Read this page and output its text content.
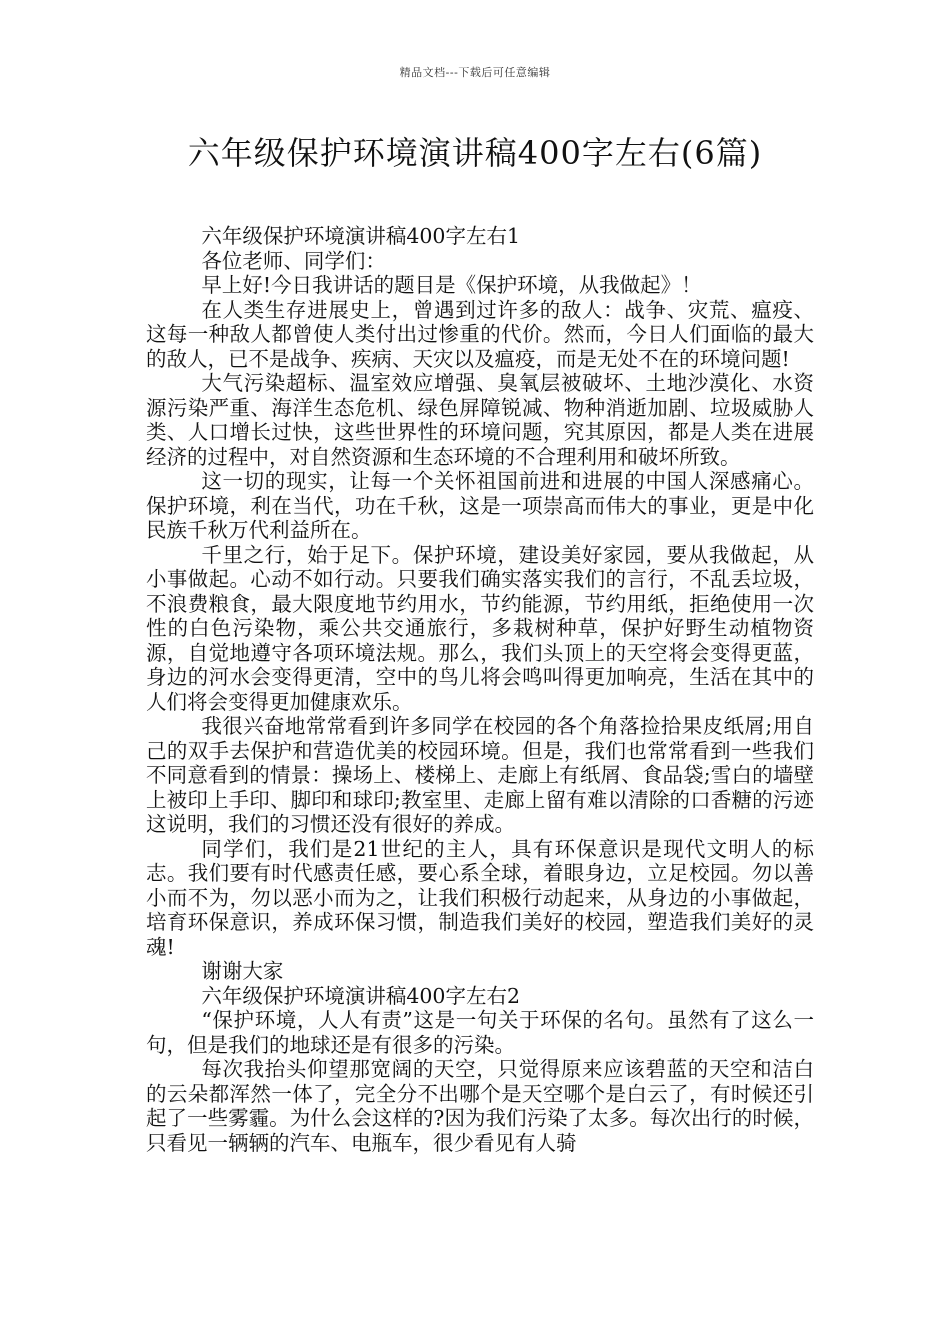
精品文档---下载后可任意编辑
六年级保护环境演讲稿400字左右(6篇)

六年级保护环境演讲稿400字左右1

各位老师、同学们：

早上好!今日我讲话的题目是《保护环境，从我做起》！

在人类生存进展史上，曾遇到过许多的敌人：战争、灾荒、瘟疫、这每一种敌人都曾使人类付出过惨重的代价。然而，今日人们面临的最大的敌人，已不是战争、疾病、天灾以及瘟疫，而是无处不在的环境问题!

大气污染超标、温室效应增强、臭氧层被破坏、土地沙漠化、水资源污染严重、海洋生态危机、绿色屏障锐减、物种消逝加剧、垃圾威胁人类、人口增长过快，这些世界性的环境问题，究其原因，都是人类在进展经济的过程中，对自然资源和生态环境的不合理利用和破坏所致。

这一切的现实，让每一个关怀祖国前进和进展的中国人深感痛心。保护环境，利在当代，功在千秋，这是一项崇高而伟大的事业，更是中化民族千秋万代利益所在。

千里之行，始于足下。保护环境，建设美好家园，要从我做起，从小事做起。心动不如行动。只要我们确实落实我们的言行，不乱丢垃圾，不浪费粮食，最大限度地节约用水，节约能源，节约用纸，拒绝使用一次性的白色污染物，乘公共交通旅行，多栽树种草，保护好野生动植物资源，自觉地遵守各项环境法规。那么，我们头顶上的天空将会变得更蓝，身边的河水会变得更清，空中的鸟儿将会鸣叫得更加响亮，生活在其中的人们将会变得更加健康欢乐。

我很兴奋地常常看到许多同学在校园的各个角落捡拾果皮纸屑;用自己的双手去保护和营造优美的校园环境。但是，我们也常常看到一些我们不同意看到的情景：操场上、楼梯上、走廊上有纸屑、食品袋;雪白的墙壁上被印上手印、脚印和球印;教室里、走廊上留有难以清除的口香糖的污迹这说明，我们的习惯还没有很好的养成。

同学们，我们是21世纪的主人，具有环保意识是现代文明人的标志。我们要有时代感责任感，要心系全球，着眼身边，立足校园。勿以善小而不为，勿以恶小而为之，让我们积极行动起来，从身边的小事做起，培育环保意识，养成环保习惯，制造我们美好的校园，塑造我们美好的灵魂!

谢谢大家

六年级保护环境演讲稿400字左右2

“保护环境，人人有责”这是一句关于环保的名句。虽然有了这么一句，但是我们的地球还是有很多的污染。

每次我抬头仰望那宽阔的天空，只觉得原来应该碧蓝的天空和洁白的云朵都浑然一体了，完全分不出哪个是天空哪个是白云了，有时候还引起了一些雾霾。为什么会这样的?因为我们污染了太多。每次出行的时候，只看见一辆辆的汽车、电瓶车，很少看见有人骑
